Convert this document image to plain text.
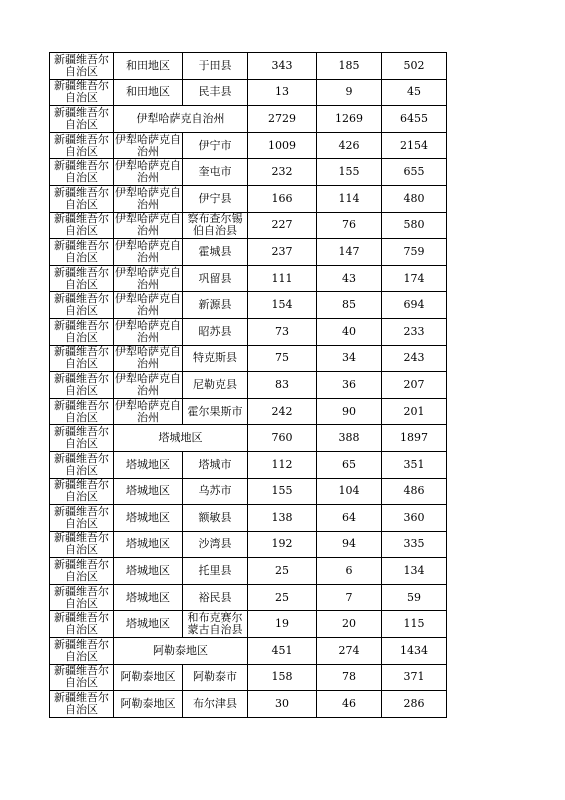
新疆维吾尔自治区	和田地区	于田县	343	185	502
新疆维吾尔自治区	和田地区	民丰县	13	9	45
新疆维吾尔自治区	伊犁哈萨克自治州		2729	1269	6455
新疆维吾尔自治区	伊犁哈萨克自治州	伊宁市	1009	426	2154
新疆维吾尔自治区	伊犁哈萨克自治州	奎屯市	232	155	655
新疆维吾尔自治区	伊犁哈萨克自治州	伊宁县	166	114	480
新疆维吾尔自治区	伊犁哈萨克自治州	察布查尔锡伯自治县	227	76	580
新疆维吾尔自治区	伊犁哈萨克自治州	霍城县	237	147	759
新疆维吾尔自治区	伊犁哈萨克自治州	巩留县	111	43	174
新疆维吾尔自治区	伊犁哈萨克自治州	新源县	154	85	694
新疆维吾尔自治区	伊犁哈萨克自治州	昭苏县	73	40	233
新疆维吾尔自治区	伊犁哈萨克自治州	特克斯县	75	34	243
新疆维吾尔自治区	伊犁哈萨克自治州	尼勒克县	83	36	207
新疆维吾尔自治区	伊犁哈萨克自治州	霍尔果斯市	242	90	201
新疆维吾尔自治区	塔城地区		760	388	1897
新疆维吾尔自治区	塔城地区	塔城市	112	65	351
新疆维吾尔自治区	塔城地区	乌苏市	155	104	486
新疆维吾尔自治区	塔城地区	额敏县	138	64	360
新疆维吾尔自治区	塔城地区	沙湾县	192	94	335
新疆维吾尔自治区	塔城地区	托里县	25	6	134
新疆维吾尔自治区	塔城地区	裕民县	25	7	59
新疆维吾尔自治区	塔城地区	和布克赛尔蒙古自治县	19	20	115
新疆维吾尔自治区	阿勒泰地区		451	274	1434
新疆维吾尔自治区	阿勒泰地区	阿勒泰市	158	78	371
新疆维吾尔自治区	阿勒泰地区	布尔津县	30	46	286
